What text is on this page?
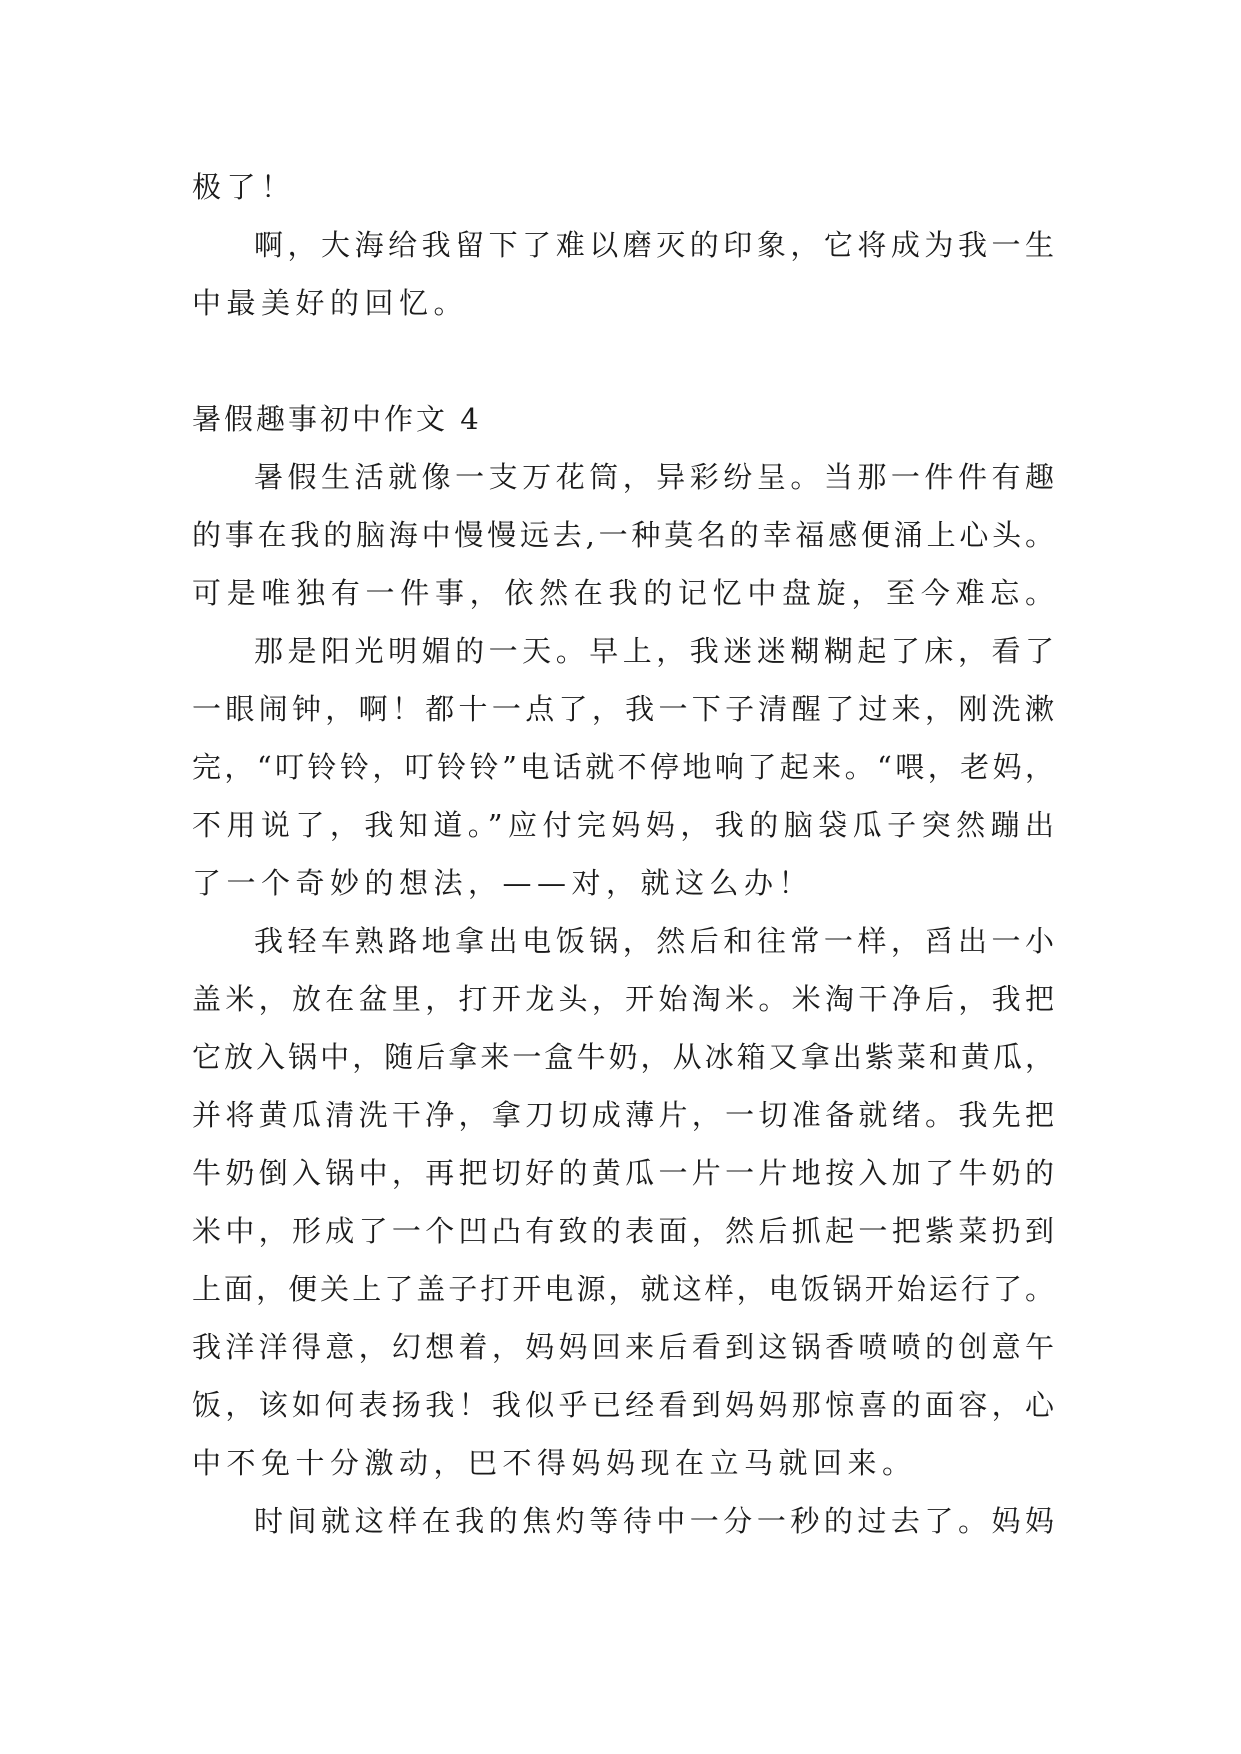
极了！

啊，大海给我留下了难以磨灭的印象，它将成为我一生

中最美好的回忆。

暑假趣事初中作文 4

暑假生活就像一支万花筒，异彩纷呈。当那一件件有趣

的事在我的脑海中慢慢远去,一种莫名的幸福感便涌上心头。

可是唯独有一件事，依然在我的记忆中盘旋，至今难忘。

那是阳光明媚的一天。早上，我迷迷糊糊起了床，看了

一眼闹钟，啊！都十一点了，我一下子清醒了过来，刚洗漱

完，“叮铃铃，叮铃铃”电话就不停地响了起来。“喂，老妈，

不用说了，我知道。”应付完妈妈，我的脑袋瓜子突然蹦出

了一个奇妙的想法，——对，就这么办！

我轻车熟路地拿出电饭锅，然后和往常一样，舀出一小

盖米，放在盆里，打开龙头，开始淘米。米淘干净后，我把

它放入锅中，随后拿来一盒牛奶，从冰箱又拿出紫菜和黄瓜，

并将黄瓜清洗干净，拿刀切成薄片，一切准备就绪。我先把

牛奶倒入锅中，再把切好的黄瓜一片一片地按入加了牛奶的

米中，形成了一个凹凸有致的表面，然后抓起一把紫菜扔到

上面，便关上了盖子打开电源，就这样，电饭锅开始运行了。

我洋洋得意，幻想着，妈妈回来后看到这锅香喷喷的创意午

饭，该如何表扬我！我似乎已经看到妈妈那惊喜的面容，心

中不免十分激动，巴不得妈妈现在立马就回来。

时间就这样在我的焦灼等待中一分一秒的过去了。妈妈
